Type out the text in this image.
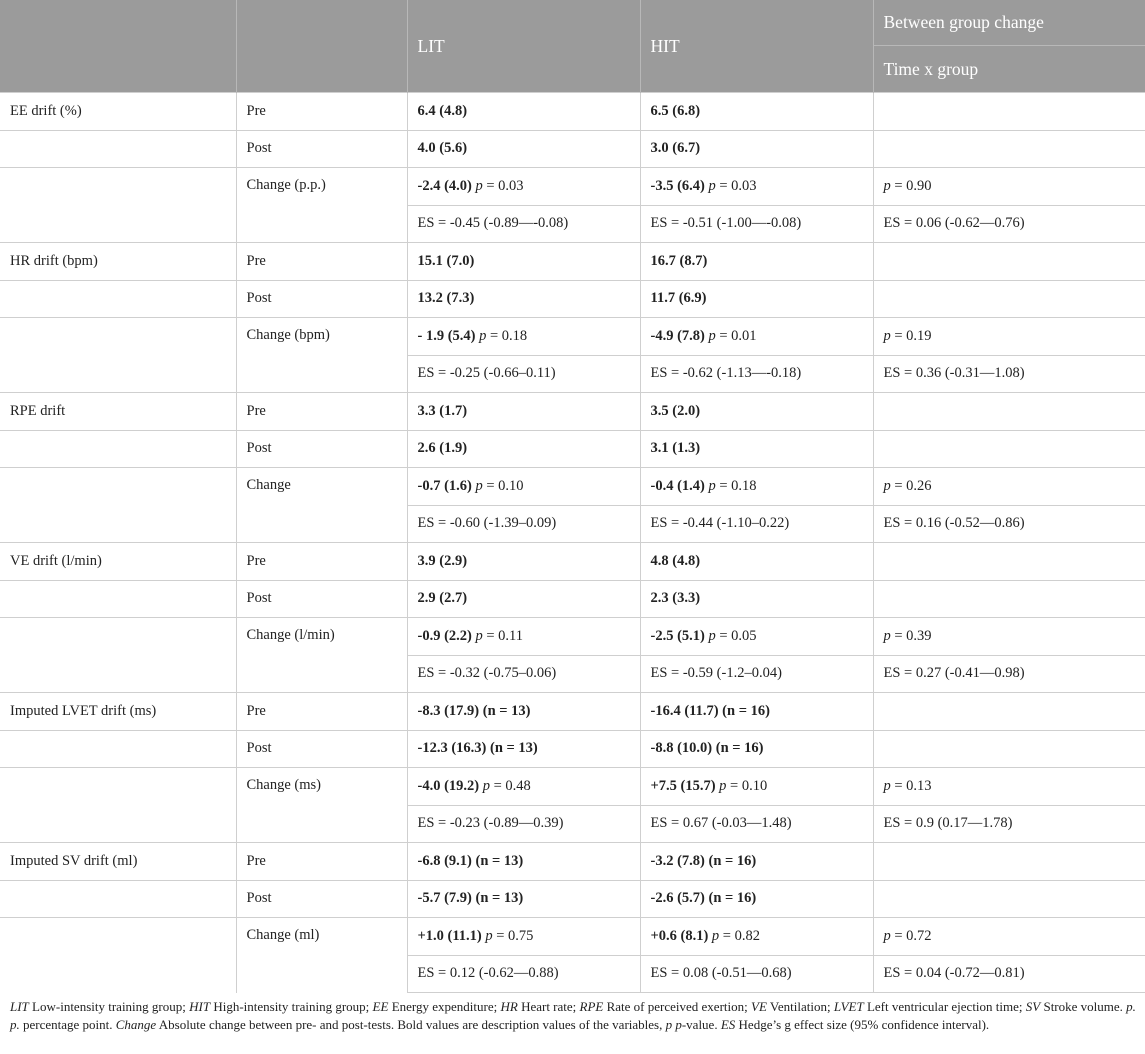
		LIT	HIT	Between group change
				Time x group
EE drift (%)	Pre	6.4 (4.8)	6.5 (6.8)	
	Post	4.0 (5.6)	3.0 (6.7)	
	Change (p.p.)	-2.4 (4.0) p = 0.03	-3.5 (6.4) p = 0.03	p = 0.90
		ES = -0.45 (-0.89—-0.08)	ES = -0.51 (-1.00—-0.08)	ES = 0.06 (-0.62—0.76)
HR drift (bpm)	Pre	15.1 (7.0)	16.7 (8.7)	
	Post	13.2 (7.3)	11.7 (6.9)	
	Change (bpm)	- 1.9 (5.4) p = 0.18	-4.9 (7.8) p = 0.01	p = 0.19
		ES = -0.25 (-0.66–0.11)	ES = -0.62 (-1.13—-0.18)	ES = 0.36 (-0.31—1.08)
RPE drift	Pre	3.3 (1.7)	3.5 (2.0)	
	Post	2.6 (1.9)	3.1 (1.3)	
	Change	-0.7 (1.6) p = 0.10	-0.4 (1.4) p = 0.18	p = 0.26
		ES = -0.60 (-1.39–0.09)	ES = -0.44 (-1.10–0.22)	ES = 0.16 (-0.52—0.86)
VE drift (l/min)	Pre	3.9 (2.9)	4.8 (4.8)	
	Post	2.9 (2.7)	2.3 (3.3)	
	Change (l/min)	-0.9 (2.2) p = 0.11	-2.5 (5.1) p = 0.05	p = 0.39
		ES = -0.32 (-0.75–0.06)	ES = -0.59 (-1.2–0.04)	ES = 0.27 (-0.41—0.98)
Imputed LVET drift (ms)	Pre	-8.3 (17.9) (n = 13)	-16.4 (11.7) (n = 16)	
	Post	-12.3 (16.3) (n = 13)	-8.8 (10.0) (n = 16)	
	Change (ms)	-4.0 (19.2) p = 0.48	+7.5 (15.7) p = 0.10	p = 0.13
		ES = -0.23 (-0.89—0.39)	ES = 0.67 (-0.03—1.48)	ES = 0.9 (0.17—1.78)
Imputed SV drift (ml)	Pre	-6.8 (9.1) (n = 13)	-3.2 (7.8) (n = 16)	
	Post	-5.7 (7.9) (n = 13)	-2.6 (5.7) (n = 16)	
	Change (ml)	+1.0 (11.1) p = 0.75	+0.6 (8.1) p = 0.82	p = 0.72
		ES = 0.12 (-0.62—0.88)	ES = 0.08 (-0.51—0.68)	ES = 0.04 (-0.72—0.81)

LIT Low-intensity training group; HIT High-intensity training group; EE Energy expenditure; HR Heart rate; RPE Rate of perceived exertion; VE Ventilation; LVET Left ventricular ejection time; SV Stroke volume. p. p. percentage point. Change Absolute change between pre- and post-tests. Bold values are description values of the variables, p p-value. ES Hedge’s g effect size (95% confidence interval).
